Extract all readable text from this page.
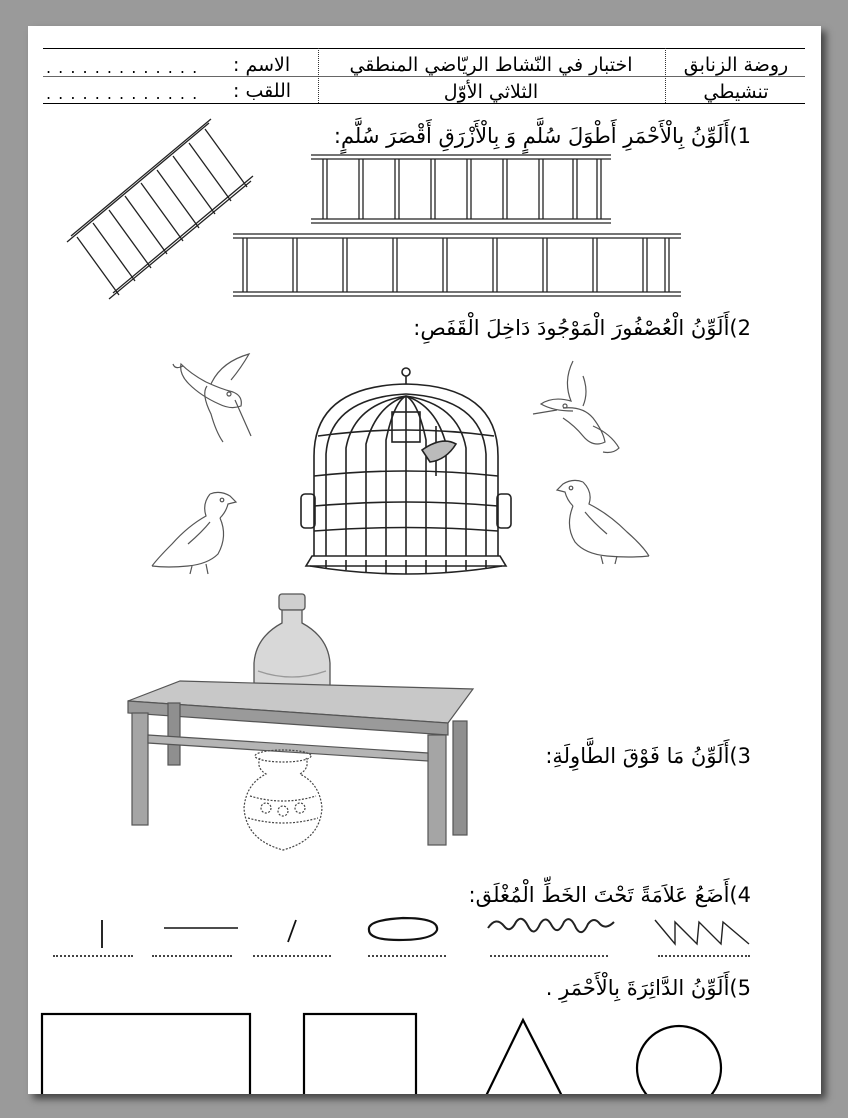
روضة الزنابق
تنشيطي
اختبار في النّشاط الريّاضي المنطقي
الثلاثي الأوّل
الاسم :
. . . . . . . . . . . . .
اللقب :
. . . . . . . . . . . . .
1)أَلَوِّنُ بِالْأَحْمَرِ أَطْوَلَ سُلَّمٍ وَ بِالْأَزْرَقِ أَقْصَرَ سُلَّمٍ:
2)أَلَوِّنُ الْعُصْفُورَ الْمَوْجُودَ دَاخِلَ الْقَفَصِ:
3)أَلَوِّنُ مَا فَوْقَ الطَّاوِلَةِ:
4)أَضَعُ عَلاَمَةً تَحْتَ الخَطِّ الْمُغْلَق:
5)أَلَوِّنُ الدَّائِرَةَ بِالْأَحْمَرِ .
